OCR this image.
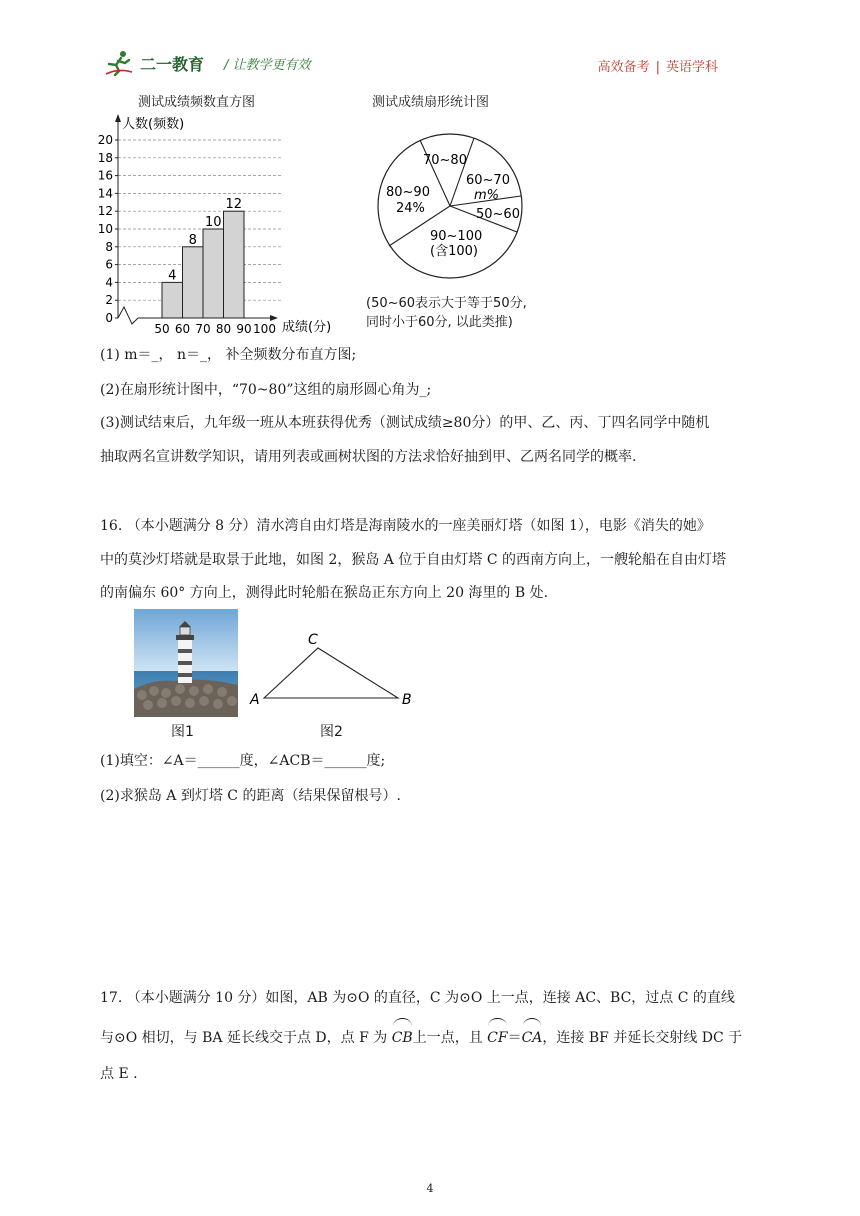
二一教育 / 让教学更有效	高效备考 | 英语学科
测试成绩频数直方图
人数(频数)
成绩(分)
0
2
4
6
8
10
12
14
16
18
20
50 60 70 80 90 100
4
8
10
12
测试成绩扇形统计图
70~80
60~70
m%
50~60
90~100
(含100)
80~90
24%
(50~60表示大于等于50分,
同时小于60分, 以此类推)
(1) m＝_， n＝_， 补全频数分布直方图;
(2)在扇形统计图中，“70~80”这组的扇形圆心角为_;
(3)测试结束后，九年级一班从本班获得优秀（测试成绩≥80分）的甲、乙、丙、丁四名同学中随机
抽取两名宣讲数学知识，请用列表或画树状图的方法求恰好抽到甲、乙两名同学的概率.
16. （本小题满分 8 分）清水湾自由灯塔是海南陵水的一座美丽灯塔（如图 1），电影《消失的她》
中的莫沙灯塔就是取景于此地，如图 2，猴岛 A 位于自由灯塔 C 的西南方向上，一艘轮船在自由灯塔
的南偏东 60° 方向上，测得此时轮船在猴岛正东方向上 20 海里的 B 处.
图1
A	B
C
图2
(1)填空：∠A＝______度，∠ACB＝______度;
(2)求猴岛 A 到灯塔 C 的距离（结果保留根号）.
17. （本小题满分 10 分）如图，AB 为⊙O 的直径，C 为⊙O 上一点，连接 AC、BC，过点 C 的直线
与⊙O 相切，与 BA 延长线交于点 D，点 F 为 CB上一点，且 CF＝CA，连接 BF 并延长交射线 DC 于
点 E .
4
